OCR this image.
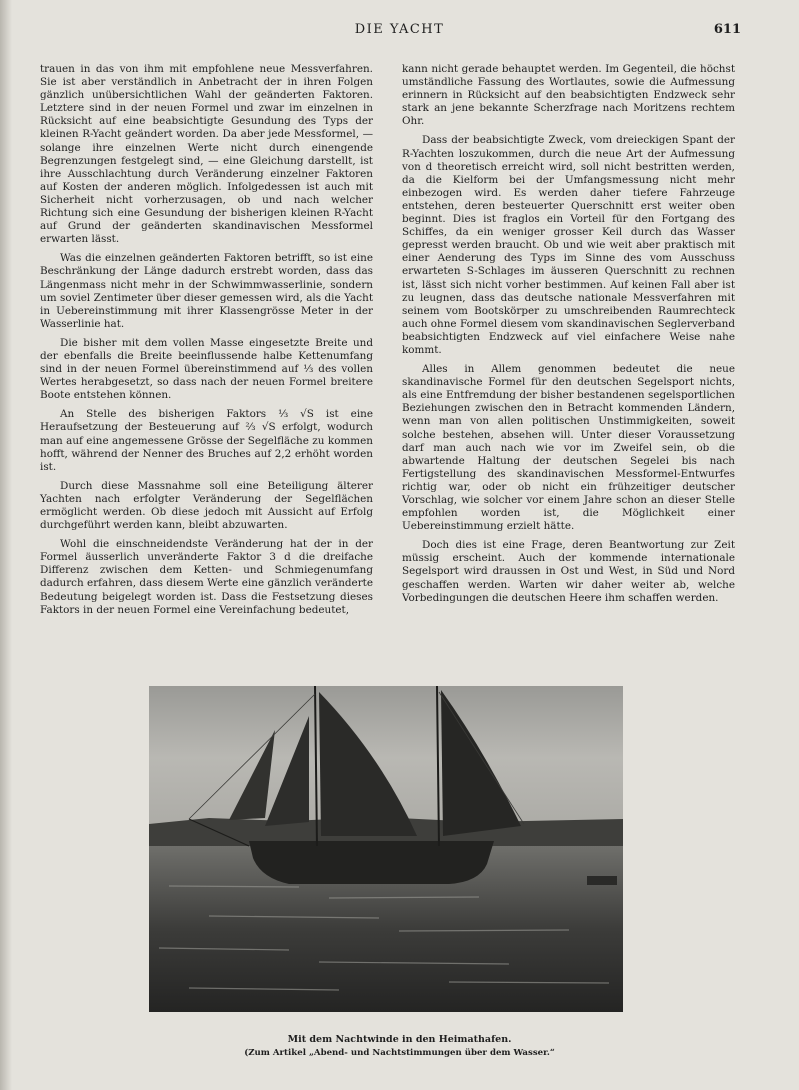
DIE YACHT	611

trauen in das von ihm mit empfohlene neue Messverfahren. Sie ist aber verständlich in Anbetracht der in ihren Folgen gänzlich unübersichtlichen Wahl der geänderten Faktoren. Letztere sind in der neuen Formel und zwar im einzelnen in Rücksicht auf eine beabsichtigte Gesundung des Typs der kleinen R-Yacht geändert worden. Da aber jede Messformel, — solange ihre einzelnen Werte nicht durch einengende Begrenzungen festgelegt sind, — eine Gleichung darstellt, ist ihre Ausschlachtung durch Veränderung einzelner Faktoren auf Kosten der anderen möglich. Infolgedessen ist auch mit Sicherheit nicht vorherzusagen, ob und nach welcher Richtung sich eine Gesundung der bisherigen kleinen R-Yacht auf Grund der geänderten skandinavischen Messformel erwarten lässt.

Was die einzelnen geänderten Faktoren betrifft, so ist eine Beschränkung der Länge dadurch erstrebt worden, dass das Längenmass nicht mehr in der Schwimmwasserlinie, sondern um soviel Zentimeter über dieser gemessen wird, als die Yacht in Uebereinstimmung mit ihrer Klassengrösse Meter in der Wasserlinie hat.

Die bisher mit dem vollen Masse eingesetzte Breite und der ebenfalls die Breite beeinflussende halbe Kettenumfang sind in der neuen Formel übereinstimmend auf ⅓ des vollen Wertes herabgesetzt, so dass nach der neuen Formel breitere Boote entstehen können.

An Stelle des bisherigen Faktors ⅓ √S ist eine Heraufsetzung der Besteuerung auf ⅔ √S erfolgt, wodurch man auf eine angemessene Grösse der Segelfläche zu kommen hofft, während der Nenner des Bruches auf 2,2 erhöht worden ist.

Durch diese Massnahme soll eine Beteiligung älterer Yachten nach erfolgter Veränderung der Segelflächen ermöglicht werden. Ob diese jedoch mit Aussicht auf Erfolg durchgeführt werden kann, bleibt abzuwarten.

Wohl die einschneidendste Veränderung hat der in der Formel äusserlich unveränderte Faktor 3 d die dreifache Differenz zwischen dem Ketten- und Schmiegenumfang dadurch erfahren, dass diesem Werte eine gänzlich veränderte Bedeutung beigelegt worden ist. Dass die Festsetzung dieses Faktors in der neuen Formel eine Vereinfachung bedeutet,

kann nicht gerade behauptet werden. Im Gegenteil, die höchst umständliche Fassung des Wortlautes, sowie die Aufmessung erinnern in Rücksicht auf den beabsichtigten Endzweck sehr stark an jene bekannte Scherzfrage nach Moritzens rechtem Ohr.

Dass der beabsichtigte Zweck, vom dreieckigen Spant der R-Yachten loszukommen, durch die neue Art der Aufmessung von d theoretisch erreicht wird, soll nicht bestritten werden, da die Kielform bei der Umfangsmessung nicht mehr einbezogen wird. Es werden daher tiefere Fahrzeuge entstehen, deren besteuerter Querschnitt erst weiter oben beginnt. Dies ist fraglos ein Vorteil für den Fortgang des Schiffes, da ein weniger grosser Keil durch das Wasser gepresst werden braucht. Ob und wie weit aber praktisch mit einer Aenderung des Typs im Sinne des vom Ausschuss erwarteten S-Schlages im äusseren Querschnitt zu rechnen ist, lässt sich nicht vorher bestimmen. Auf keinen Fall aber ist zu leugnen, dass das deutsche nationale Messverfahren mit seinem vom Bootskörper zu umschreibenden Raumrechteck auch ohne Formel diesem vom skandinavischen Seglerverband beabsichtigten Endzweck auf viel einfachere Weise nahe kommt.

Alles in Allem genommen bedeutet die neue skandinavische Formel für den deutschen Segelsport nichts, als eine Entfremdung der bisher bestandenen segelsportlichen Beziehungen zwischen den in Betracht kommenden Ländern, wenn man von allen politischen Unstimmigkeiten, soweit solche bestehen, absehen will. Unter dieser Voraussetzung darf man auch nach wie vor im Zweifel sein, ob die abwartende Haltung der deutschen Segelei bis nach Fertigstellung des skandinavischen Messformel-Entwurfes richtig war, oder ob nicht ein frühzeitiger deutscher Vorschlag, wie solcher vor einem Jahre schon an dieser Stelle empfohlen worden ist, die Möglichkeit einer Uebereinstimmung erzielt hätte.

Doch dies ist eine Frage, deren Beantwortung zur Zeit müssig erscheint. Auch der kommende internationale Segelsport wird draussen in Ost und West, in Süd und Nord geschaffen werden. Warten wir daher weiter ab, welche Vorbedingungen die deutschen Heere ihm schaffen werden.

Mit dem Nachtwinde in den Heimathafen.
(Zum Artikel „Abend- und Nachtstimmungen über dem Wasser.“
